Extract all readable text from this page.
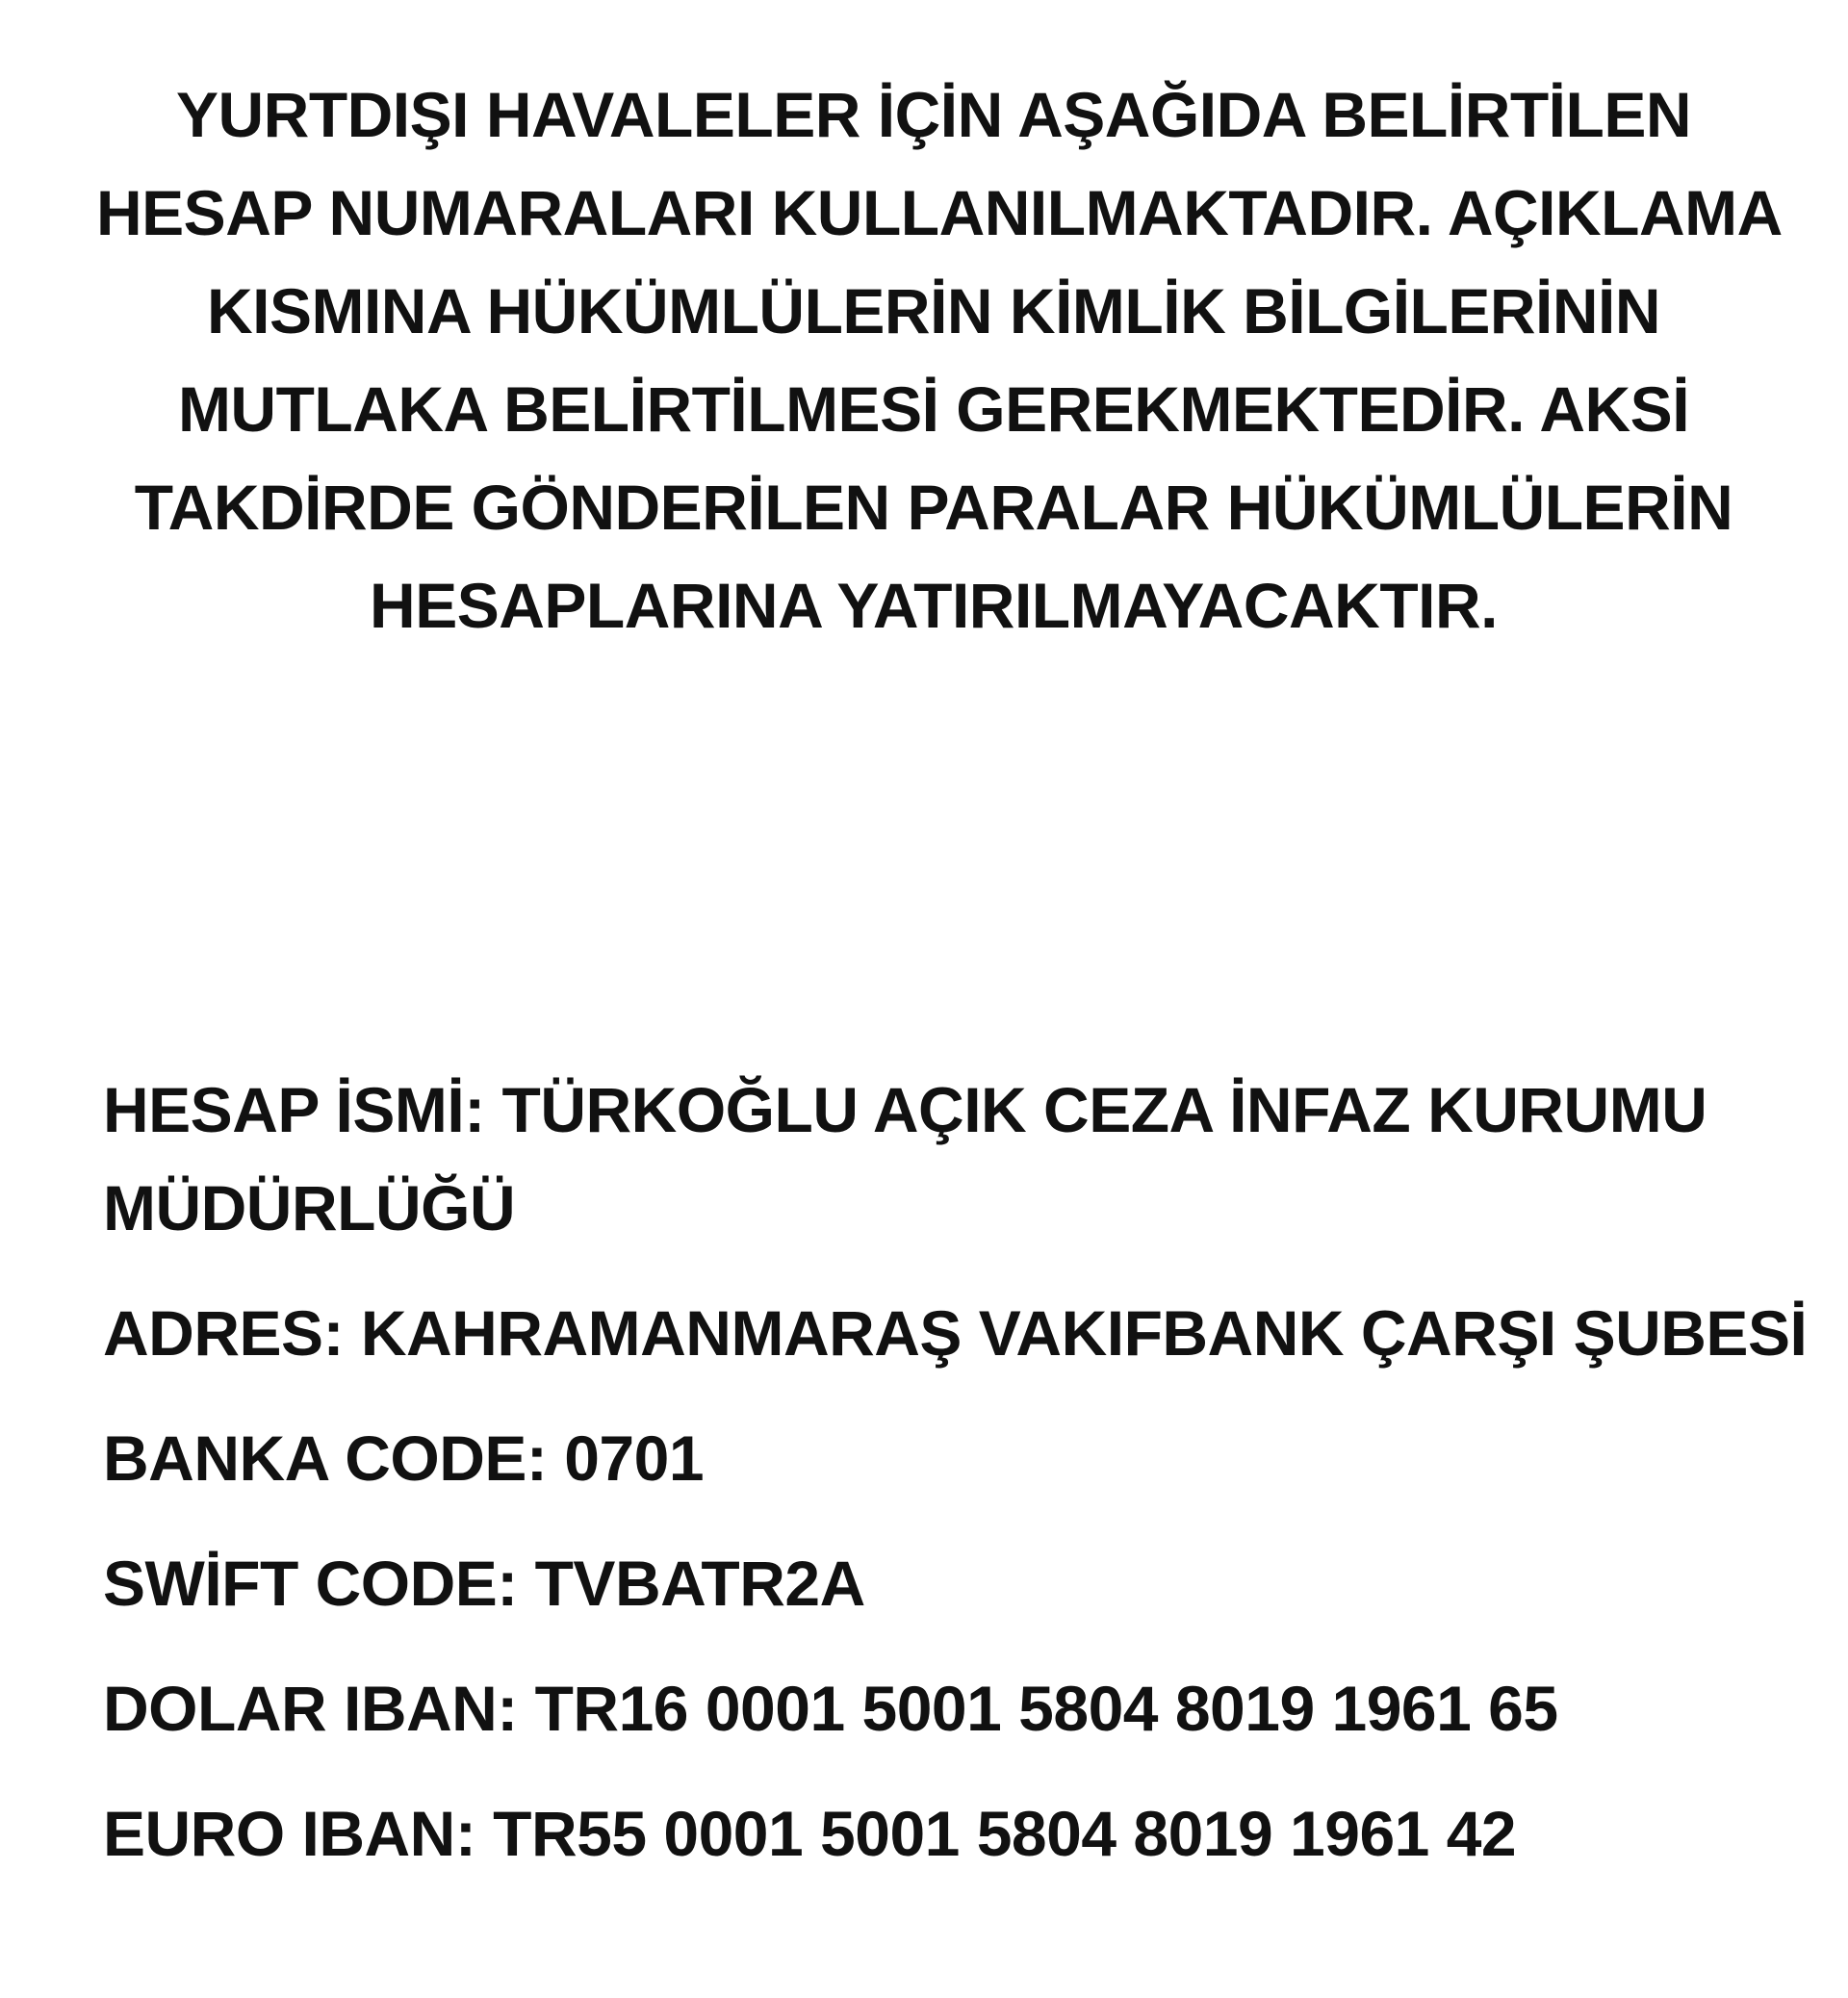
YURTDIŞI HAVALELER İÇİN AŞAĞIDA BELİRTİLEN
HESAP NUMARALARI KULLANILMAKTADIR. AÇIKLAMA
KISMINA HÜKÜMLÜLERİN KİMLİK BİLGİLERİNİN
MUTLAKA BELİRTİLMESİ GEREKMEKTEDİR. AKSİ
TAKDİRDE GÖNDERİLEN PARALAR HÜKÜMLÜLERİN
HESAPLARINA YATIRILMAYACAKTIR.
HESAP İSMİ: TÜRKOĞLU AÇIK CEZA İNFAZ KURUMU
MÜDÜRLÜĞÜ
ADRES: KAHRAMANMARAŞ VAKIFBANK ÇARŞI ŞUBESİ
BANKA CODE: 0701
SWİFT CODE: TVBATR2A
DOLAR IBAN: TR16 0001 5001 5804 8019 1961 65
EURO IBAN: TR55 0001 5001 5804 8019 1961 42
